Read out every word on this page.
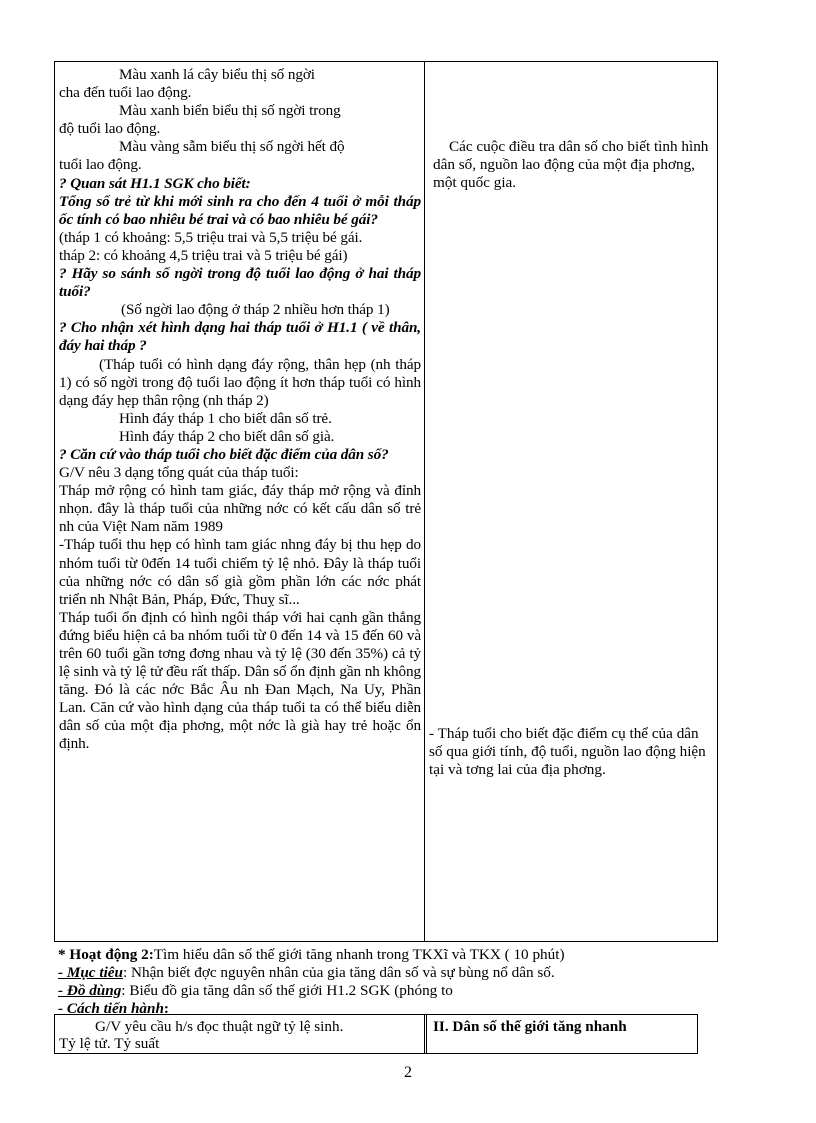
Màu xanh lá cây biểu thị số ngời

cha đến tuổi lao động.

Màu xanh biển biểu thị số ngời trong

độ tuổi lao động.

Màu vàng sẫm biểu thị số ngời hết độ

tuổi lao động.

? Quan sát H1.1 SGK cho biết:

Tổng số trẻ từ khi mới sinh ra cho đến 4 tuổi ở mỗi tháp ốc tính có bao nhiêu bé trai và có bao nhiêu bé gái?

(tháp 1 có khoảng: 5,5 triệu trai và 5,5 triệu bé gái.

tháp 2: có khoảng 4,5 triệu trai và 5 triệu bé gái)

? Hãy so sánh số ngời trong độ tuổi lao động ở hai tháp tuổi?

(Số ngời lao động ở tháp 2 nhiều hơn tháp 1)

? Cho nhận xét hình dạng hai tháp tuổi ở H1.1 ( về thân, đáy hai tháp ?

(Tháp tuổi có hình dạng đáy rộng, thân hẹp (nh tháp 1) có số ngời trong độ tuổi lao động ít hơn tháp tuổi có hình dạng đáy hẹp thân rộng (nh tháp 2)

Hình đáy tháp 1 cho biết dân số trẻ.

Hình đáy tháp 2 cho biết dân số già.

? Căn cứ vào tháp tuổi cho biết đặc điểm của dân số?

G/V nêu 3 dạng tổng quát của tháp tuổi:

Tháp mở rộng có hình tam giác, đáy tháp mở rộng và đỉnh nhọn. đây là tháp tuổi của những nớc có kết cấu dân số trẻ nh của Việt Nam năm 1989

-Tháp tuổi thu hẹp có hình tam giác nhng đáy bị thu hẹp do nhóm tuổi từ 0đến 14 tuổi chiếm tỷ lệ nhỏ. Đây là tháp tuổi của những nớc có dân số già gồm phần lớn các nớc phát triển nh Nhật Bản, Pháp, Đức, Thuỵ sĩ...

Tháp tuổi ổn định có hình ngôi tháp với hai cạnh gần thẳng đứng biểu hiện cả ba nhóm tuổi từ 0 đến 14 và 15 đến 60 và trên 60 tuổi gần tơng đơng nhau và tỷ lệ (30 đến 35%) cả tỷ lệ sinh và tỷ lệ tử đều rất thấp. Dân số ổn định gần nh không tăng. Đó là các nớc Bắc Âu nh Đan Mạch, Na Uy, Phần Lan. Căn cứ vào hình dạng của tháp tuổi ta có thể biểu diễn dân số của một địa phơng, một nớc là già hay trẻ hoặc ổn định.

Các cuộc điều tra dân số cho biết tình hình dân số, nguồn lao động của một địa phơng, một quốc gia.

- Tháp tuổi cho biết đặc điểm cụ thể của dân số qua giới tính, độ tuổi, nguồn lao động hiện tại và tơng lai của địa phơng.

* Hoạt động 2:Tìm hiểu dân số thế giới tăng nhanh trong TKXĩ và TKX ( 10 phút)

- Mục tiêu: Nhận biết đợc nguyên nhân của gia tăng dân số và sự bùng nổ dân số.

- Đồ dùng: Biểu đồ gia tăng dân số thế giới H1.2 SGK (phóng to

- Cách tiến hành:

G/V yêu cầu h/s đọc thuật ngữ tỷ lệ sinh.

Tỷ lệ tử. Tỷ suất

II. Dân số thế giới tăng nhanh
2
